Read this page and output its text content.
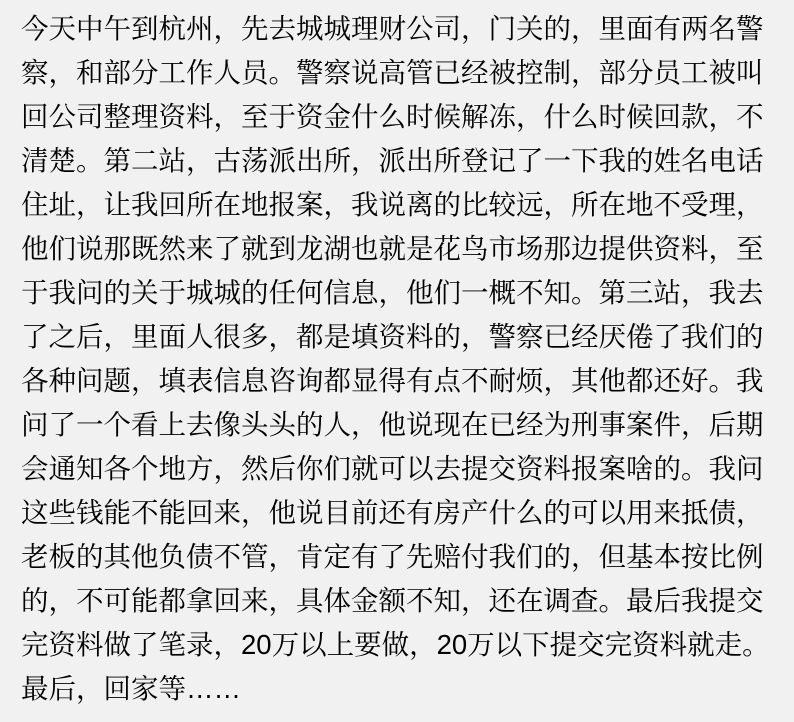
今天中午到杭州，先去城城理财公司，门关的，里面有两名警
察，和部分工作人员。警察说高管已经被控制，部分员工被叫
回公司整理资料，至于资金什么时候解冻，什么时候回款，不
清楚。第二站，古荡派出所，派出所登记了一下我的姓名电话
住址，让我回所在地报案，我说离的比较远，所在地不受理，
他们说那既然来了就到龙湖也就是花鸟市场那边提供资料，至
于我问的关于城城的任何信息，他们一概不知。第三站，我去
了之后，里面人很多，都是填资料的，警察已经厌倦了我们的
各种问题，填表信息咨询都显得有点不耐烦，其他都还好。我
问了一个看上去像头头的人，他说现在已经为刑事案件，后期
会通知各个地方，然后你们就可以去提交资料报案啥的。我问
这些钱能不能回来，他说目前还有房产什么的可以用来抵债，
老板的其他负债不管，肯定有了先赔付我们的，但基本按比例
的，不可能都拿回来，具体金额不知，还在调查。最后我提交
完资料做了笔录，20万以上要做，20万以下提交完资料就走。
最后，回家等……
